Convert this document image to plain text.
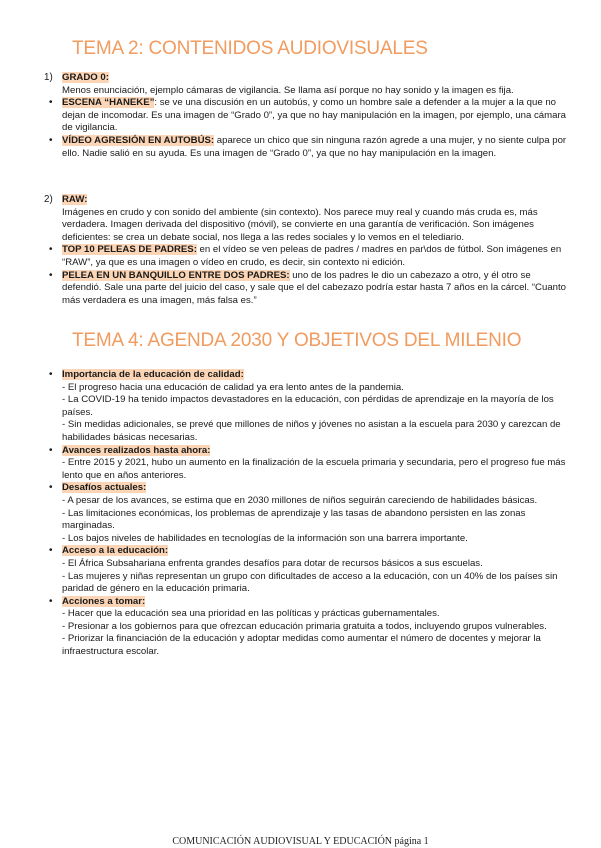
TEMA 2: CONTENIDOS AUDIOVISUALES
1) GRADO 0:
Menos enunciación, ejemplo cámaras de vigilancia. Se llama así porque no hay sonido y la imagen es fija.
• ESCENA “HANEKE”: se ve una discusión en un autobús, y como un hombre sale a defender a la mujer a la que no dejan de incomodar. Es una imagen de “Grado 0”, ya que no hay manipulación en la imagen, por ejemplo, una cámara de vigilancia.
• VÍDEO AGRESIÓN EN AUTOBÚS: aparece un chico que sin ninguna razón agrede a una mujer, y no siente culpa por ello. Nadie salió en su ayuda. Es una imagen de “Grado 0”, ya que no hay manipulación en la imagen.
2) RAW:
Imágenes en crudo y con sonido del ambiente (sin contexto). Nos parece muy real y cuando más cruda es, más verdadera. Imagen derivada del dispositivo (móvil), se convierte en una garantía de verificación. Son imágenes deficientes: se crea un debate social, nos llega a las redes sociales y lo vemos en el telediario.
• TOP 10 PELEAS DE PADRES: en el vídeo se ven peleas de padres / madres en par\dos de fútbol. Son imágenes en “RAW”, ya que es una imagen o vídeo en crudo, es decir, sin contexto ni edición.
• PELEA EN UN BANQUILLO ENTRE DOS PADRES: uno de los padres le dio un cabezazo a otro, y él otro se defendió. Sale una parte del juicio del caso, y sale que el del cabezazo podría estar hasta 7 años en la cárcel. “Cuanto más verdadera es una imagen, más falsa es.”
TEMA 4: AGENDA 2030 Y OBJETIVOS DEL MILENIO
• Importancia de la educación de calidad:
- El progreso hacia una educación de calidad ya era lento antes de la pandemia.
- La COVID-19 ha tenido impactos devastadores en la educación, con pérdidas de aprendizaje en la mayoría de los países.
- Sin medidas adicionales, se prevé que millones de niños y jóvenes no asistan a la escuela para 2030 y carezcan de habilidades básicas necesarias.
• Avances realizados hasta ahora:
- Entre 2015 y 2021, hubo un aumento en la finalización de la escuela primaria y secundaria, pero el progreso fue más lento que en años anteriores.
• Desafíos actuales:
- A pesar de los avances, se estima que en 2030 millones de niños seguirán careciendo de habilidades básicas.
- Las limitaciones económicas, los problemas de aprendizaje y las tasas de abandono persisten en las zonas marginadas.
- Los bajos niveles de habilidades en tecnologías de la información son una barrera importante.
• Acceso a la educación:
- El África Subsahariana enfrenta grandes desafíos para dotar de recursos básicos a sus escuelas.
- Las mujeres y niñas representan un grupo con dificultades de acceso a la educación, con un 40% de los países sin paridad de género en la educación primaria.
• Acciones a tomar:
- Hacer que la educación sea una prioridad en las políticas y prácticas gubernamentales.
- Presionar a los gobiernos para que ofrezcan educación primaria gratuita a todos, incluyendo grupos vulnerables.
- Priorizar la financiación de la educación y adoptar medidas como aumentar el número de docentes y mejorar la infraestructura escolar.
COMUNICACIÓN AUDIOVISUAL Y EDUCACIÓN página 1
